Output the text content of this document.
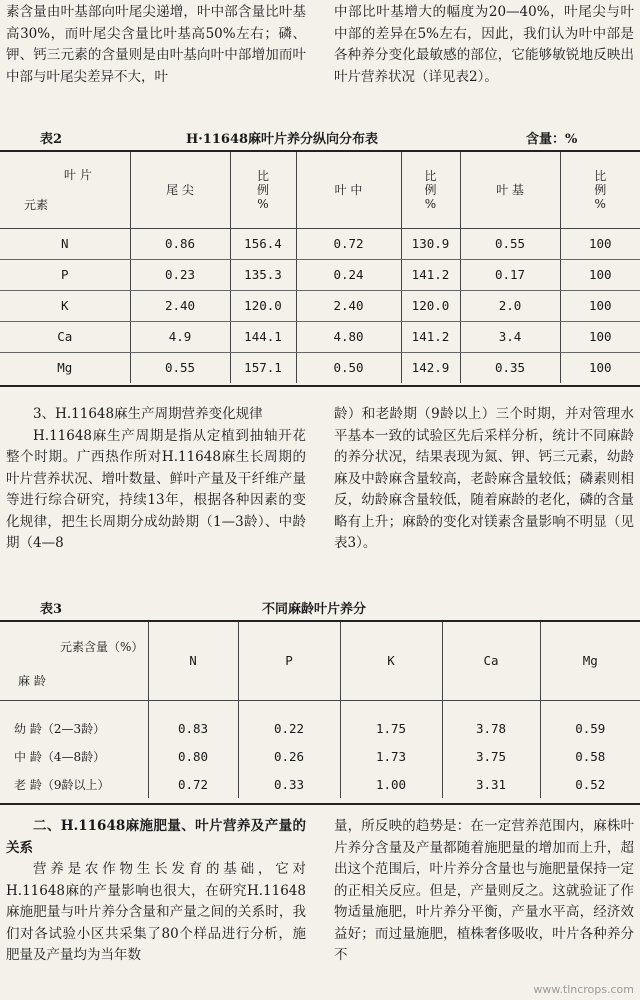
素含量由叶基部向叶尾尖递增，叶中部含量比叶基高30%，而叶尾尖含量比叶基高50%左右；磷、钾、钙三元素的含量则是由叶基向叶中部增加而叶中部与叶尾尖差异不大，叶

中部比叶基增大的幅度为20—40%，叶尾尖与叶中部的差异在5%左右，因此，我们认为叶中部是各种养分变化最敏感的部位，它能够敏锐地反映出叶片营养状况（详见表2）。

表2	H·11648麻叶片养分纵向分布表	含量：%
叶 片
元素	尾 尖	比
例
%	叶 中	比
例
%	叶 基	比
例
%
N	0.86	156.4	0.72	130.9	0.55	100
P	0.23	135.3	0.24	141.2	0.17	100
K	2.40	120.0	2.40	120.0	2.0	100
Ca	4.9	144.1	4.80	141.2	3.4	100
Mg	0.55	157.1	0.50	142.9	0.35	100

3、H.11648麻生产周期营养变化规律

H.11648麻生产周期是指从定植到抽轴开花整个时期。广西热作所对H.11648麻生长周期的叶片营养状况、增叶数量、鲜叶产量及干纤维产量等进行综合研究，持续13年，根据各种因素的变化规律，把生长周期分成幼龄期（1—3龄）、中龄期（4—8

龄）和老龄期（9龄以上）三个时期，并对管理水平基本一致的试验区先后采样分析，统计不同麻龄的养分状况，结果表现为氮、钾、钙三元素，幼龄麻及中龄麻含量较高，老龄麻含量较低；磷素则相反，幼龄麻含量较低，随着麻龄的老化，磷的含量略有上升；麻龄的变化对镁素含量影响不明显（见表3）。

表3	不同麻龄叶片养分
元素含量（%）
麻 龄	N	P	K	Ca	Mg

幼 龄（2—3龄）	0.83	0.22	1.75	3.78	0.59
中 龄（4—8龄）	0.80	0.26	1.73	3.75	0.58
老 龄（9龄以上）	0.72	0.33	1.00	3.31	0.52

二、H.11648麻施肥量、叶片营养及产量的关系

营养是农作物生长发育的基础，它对H.11648麻的产量影响也很大，在研究H.11648麻施肥量与叶片养分含量和产量之间的关系时，我们对各试验小区共采集了80个样品进行分析，施肥量及产量均为当年数

量，所反映的趋势是：在一定营养范围内，麻株叶片养分含量及产量都随着施肥量的增加而上升，超出这个范围后，叶片养分含量也与施肥量保持一定的正相关反应。但是，产量则反之。这就验证了作物适量施肥，叶片养分平衡，产量水平高，经济效益好；而过量施肥，植株奢侈吸收，叶片各种养分不

www.tlncrops.com
